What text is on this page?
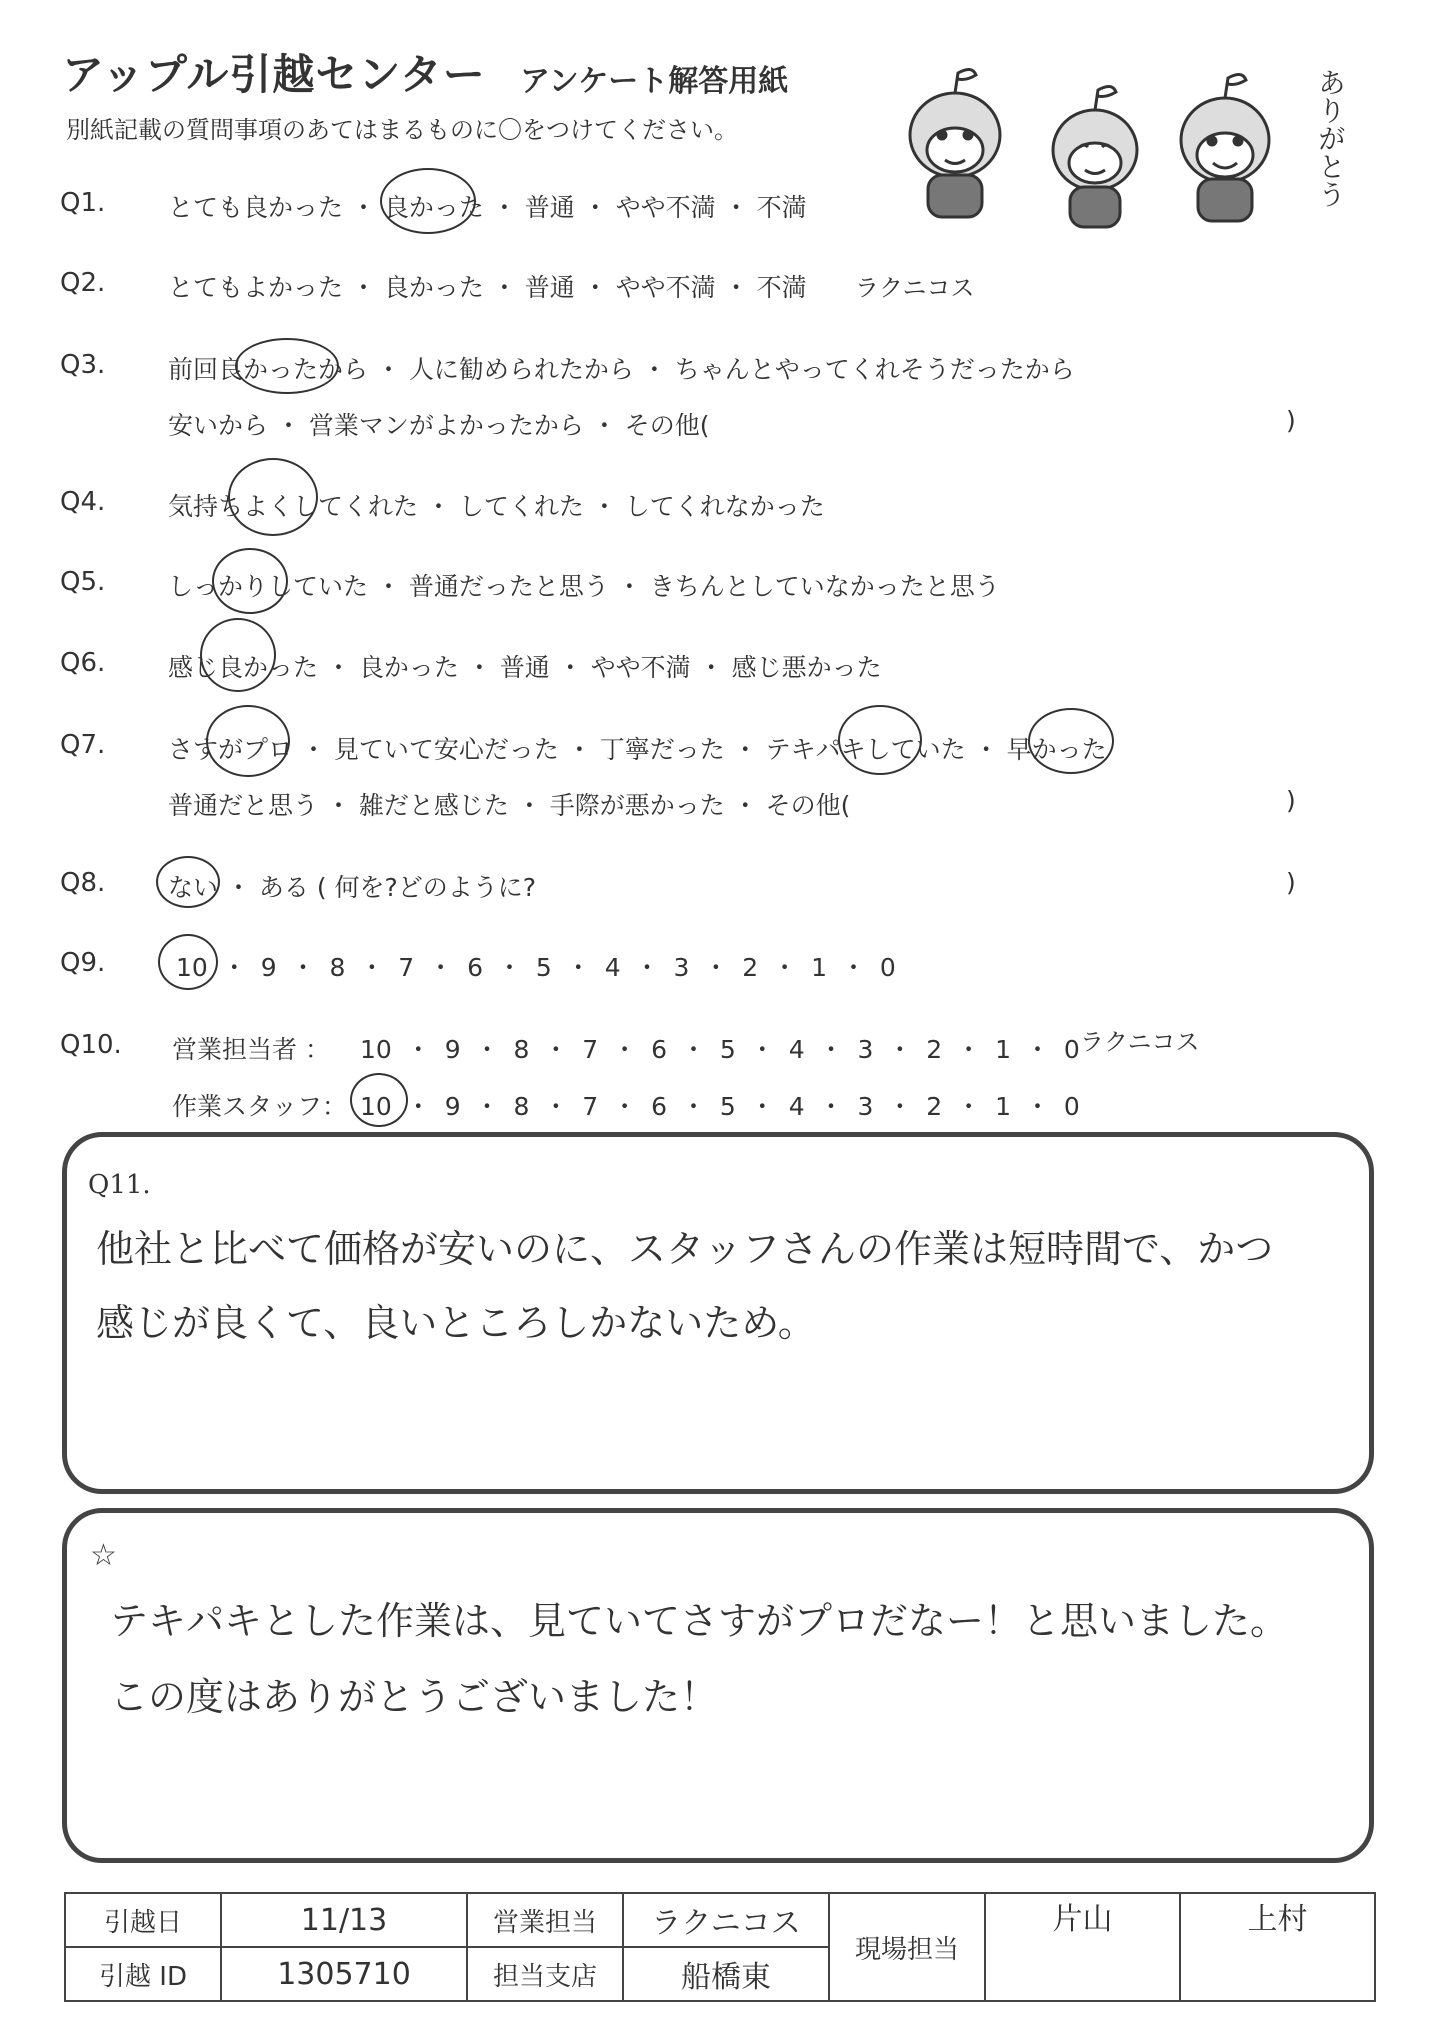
アップル引越センター アンケート解答用紙
別紙記載の質問事項のあてはまるものに〇をつけてください。	ありがとう
Q1.	とても良かった ・ 良かった ・ 普通 ・ やや不満 ・ 不満
Q2.	とてもよかった ・ 良かった ・ 普通 ・ やや不満 ・ 不満 ラクニコス
Q3.	前回良かったから ・ 人に勧められたから ・ ちゃんとやってくれそうだったから
安いから ・ 営業マンがよかったから ・ その他(	)
Q4.	気持ちよくしてくれた ・ してくれた ・ してくれなかった
Q5.	しっかりしていた ・ 普通だったと思う ・ きちんとしていなかったと思う
Q6.	感じ良かった ・ 良かった ・ 普通 ・ やや不満 ・ 感じ悪かった
Q7.	さすがプロ ・ 見ていて安心だった ・ 丁寧だった ・ テキパキしていた ・ 早かった
普通だと思う ・ 雑だと感じた ・ 手際が悪かった ・ その他(	)
Q8.	ない ・ ある ( 何を?どのように?	)
Q9.	10 ・ 9 ・ 8 ・ 7 ・ 6 ・ 5 ・ 4 ・ 3 ・ 2 ・ 1 ・ 0
Q10. 営業担当者 ： 10 ・ 9 ・ 8 ・ 7 ・ 6 ・ 5 ・ 4 ・ 3 ・ 2 ・ 1 ・ 0 ラクニコス
作業スタッフ： 10 ・ 9 ・ 8 ・ 7 ・ 6 ・ 5 ・ 4 ・ 3 ・ 2 ・ 1 ・ 0
Q11.
他社と比べて価格が安いのに、スタッフさんの作業は短時間で、かつ
感じが良くて、良いところしかないため。
☆
テキパキとした作業は、見ていてさすがプロだなー！と思いました。
この度はありがとうございました！
引越日	11/13	営業担当	ラクニコス	現場担当	片山	上村
引越 ID	1305710	担当支店	船橋東			
